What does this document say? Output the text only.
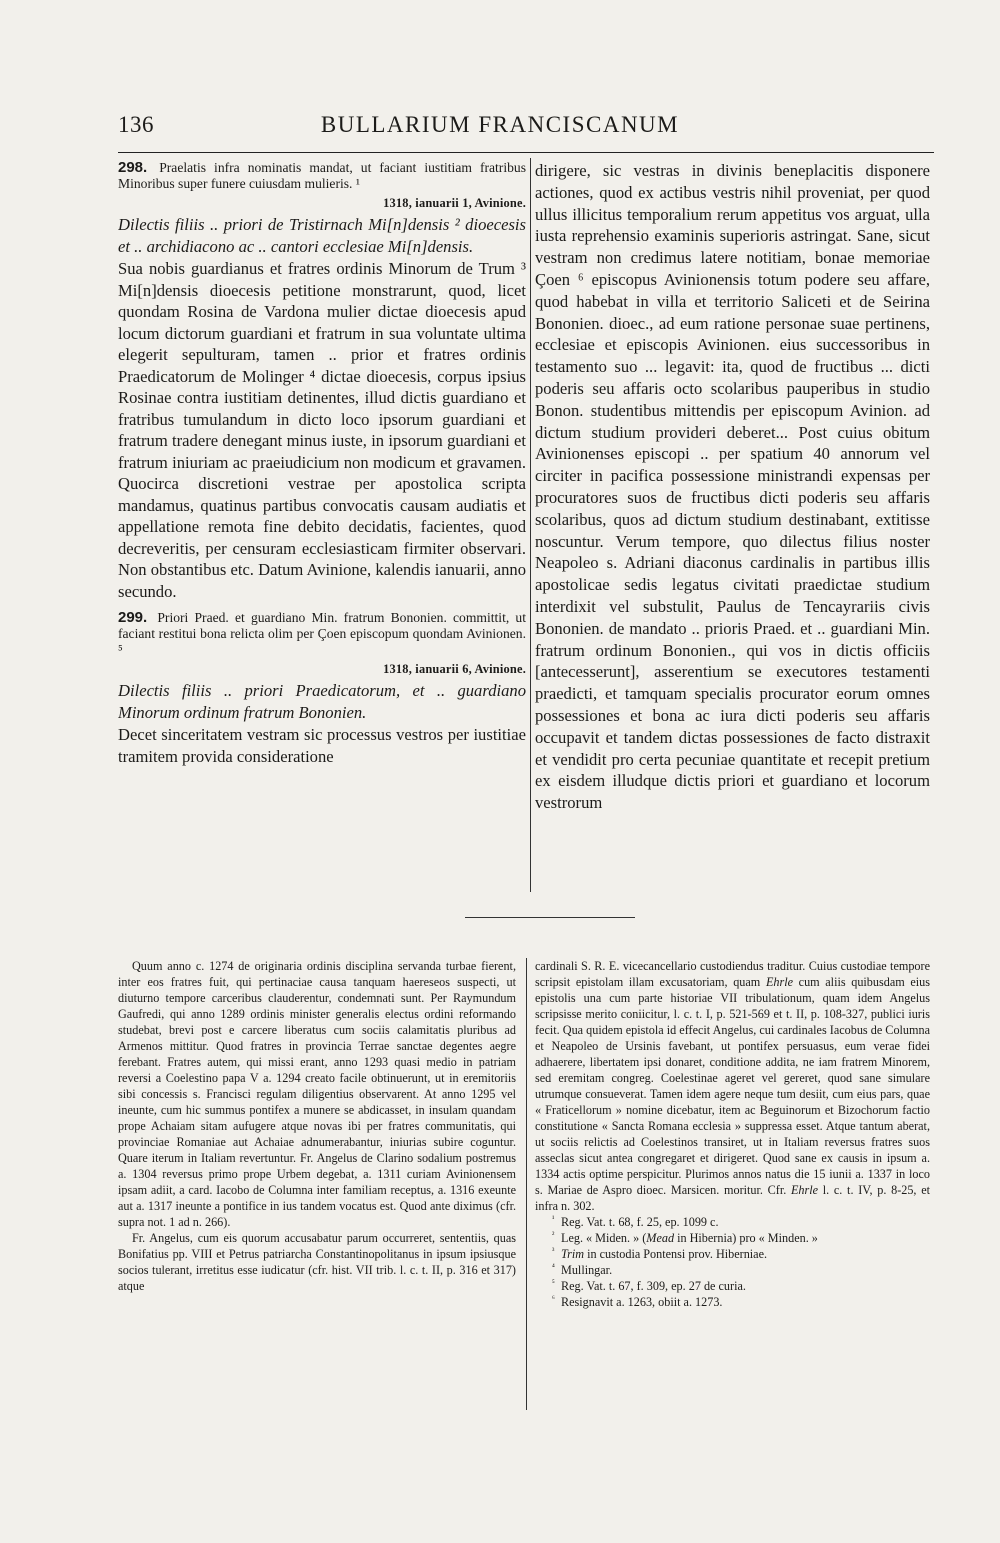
136	BULLARIUM FRANCISCANUM
298. Praelatis infra nominatis mandat, ut faciant iustitiam fratribus Minoribus super funere cuiusdam mulieris. ¹
1318, ianuarii 1, Avinione.

Dilectis filiis .. priori de Tristirnach Mi[n]densis ² dioecesis et .. archidiacono ac .. cantori ecclesiae Mi[n]densis.

Sua nobis guardianus et fratres ordinis Minorum de Trum ³ Mi[n]densis dioecesis petitione monstrarunt, quod, licet quondam Rosina de Vardona mulier dictae dioecesis apud locum dictorum guardiani et fratrum in sua voluntate ultima elegerit sepulturam, tamen .. prior et fratres ordinis Praedicatorum de Molinger ⁴ dictae dioecesis, corpus ipsius Rosinae contra iustitiam detinentes, illud dictis guardiano et fratribus tumulandum in dicto loco ipsorum guardiani et fratrum tradere denegant minus iuste, in ipsorum guardiani et fratrum iniuriam ac praeiudicium non modicum et gravamen. Quocirca discretioni vestrae per apostolica scripta mandamus, quatinus partibus convocatis causam audiatis et appellatione remota fine debito decidatis, facientes, quod decreveritis, per censuram ecclesiasticam firmiter observari. Non obstantibus etc. Datum Avinione, kalendis ianuarii, anno secundo.

299. Priori Praed. et guardiano Min. fratrum Bononien. committit, ut faciant restitui bona relicta olim per Çoen episcopum quondam Avinionen. ⁵
1318, ianuarii 6, Avinione.

Dilectis filiis .. priori Praedicatorum, et .. guardiano Minorum ordinum fratrum Bononien.

Decet sinceritatem vestram sic processus vestros per iustitiae tramitem provida consideratione

dirigere, sic vestras in divinis beneplacitis disponere actiones, quod ex actibus vestris nihil proveniat, per quod ullus illicitus temporalium rerum appetitus vos arguat, ulla iusta reprehensio examinis superioris astringat. Sane, sicut vestram non credimus latere notitiam, bonae memoriae Çoen ⁶ episcopus Avinionensis totum podere seu affare, quod habebat in villa et territorio Saliceti et de Seirina Bononien. dioec., ad eum ratione personae suae pertinens, ecclesiae et episcopis Avinionen. eius successoribus in testamento suo ... legavit: ita, quod de fructibus ... dicti poderis seu affaris octo scolaribus pauperibus in studio Bonon. studentibus mittendis per episcopum Avinion. ad dictum studium provideri deberet... Post cuius obitum Avinionenses episcopi .. per spatium 40 annorum vel circiter in pacifica possessione ministrandi expensas per procuratores suos de fructibus dicti poderis seu affaris scolaribus, quos ad dictum studium destinabant, extitisse noscuntur. Verum tempore, quo dilectus filius noster Neapoleo s. Adriani diaconus cardinalis in partibus illis apostolicae sedis legatus civitati praedictae studium interdixit vel substulit, Paulus de Tencayrariis civis Bononien. de mandato .. prioris Praed. et .. guardiani Min. fratrum ordinum Bononien., qui vos in dictis officiis [antecesserunt], asserentium se executores testamenti praedicti, et tamquam specialis procurator eorum omnes possessiones et bona ac iura dicti poderis seu affaris occupavit et tandem dictas possessiones de facto distraxit et vendidit pro certa pecuniae quantitate et recepit pretium ex eisdem illudque dictis priori et guardiano et locorum vestrorum

Quum anno c. 1274 de originaria ordinis disciplina servanda turbae fierent, inter eos fratres fuit, qui pertinaciae causa tanquam haereseos suspecti, ut diuturno tempore carceribus clauderentur, condemnati sunt. Per Raymundum Gaufredi, qui anno 1289 ordinis minister generalis electus ordini reformando studebat, brevi post e carcere liberatus cum sociis calamitatis pluribus ad Armenos mittitur. Quod fratres in provincia Terrae sanctae degentes aegre ferebant. Fratres autem, qui missi erant, anno 1293 quasi medio in patriam reversi a Coelestino papa V a. 1294 creato facile obtinuerunt, ut in eremitoriis sibi concessis s. Francisci regulam diligentius observarent. At anno 1295 vel ineunte, cum hic summus pontifex a munere se abdicasset, in insulam quandam prope Achaiam sitam aufugere atque novas ibi per fratres communitatis, qui provinciae Romaniae aut Achaiae adnumerabantur, iniurias subire coguntur. Quare iterum in Italiam revertuntur. Fr. Angelus de Clarino sodalium postremus a. 1304 reversus primo prope Urbem degebat, a. 1311 curiam Avinionensem ipsam adiit, a card. Iacobo de Columna inter familiam receptus, a. 1316 exeunte aut a. 1317 ineunte a pontifice in ius tandem vocatus est. Quod ante diximus (cfr. supra not. 1 ad n. 266).

Fr. Angelus, cum eis quorum accusabatur parum occurreret, sententiis, quas Bonifatius pp. VIII et Petrus patriarcha Constantinopolitanus in ipsum ipsiusque socios tulerant, irretitus esse iudicatur (cfr. hist. VII trib. l. c. t. II, p. 316 et 317) atque

cardinali S. R. E. vicecancellario custodiendus traditur. Cuius custodiae tempore scripsit epistolam illam excusatoriam, quam Ehrle cum aliis quibusdam eius epistolis una cum parte historiae VII tribulationum, quam idem Angelus scripsisse merito coniicitur, l. c. t. I, p. 521-569 et t. II, p. 108-327, publici iuris fecit. Qua quidem epistola id effecit Angelus, cui cardinales Iacobus de Columna et Neapoleo de Ursinis favebant, ut pontifex persuasus, eum verae fidei adhaerere, libertatem ipsi donaret, conditione addita, ne iam fratrem Minorem, sed eremitam congreg. Coelestinae ageret vel gereret, quod sane simulare utrumque consueverat. Tamen idem agere neque tum desiit, cum eius pars, quae « Fraticellorum » nomine dicebatur, item ac Beguinorum et Bizochorum factio constitutione « Sancta Romana ecclesia » suppressa esset. Atque tantum aberat, ut sociis relictis ad Coelestinos transiret, ut in Italiam reversus fratres suos asseclas sicut antea congregaret et dirigeret. Quod sane ex causis in ipsum a. 1334 actis optime perspicitur. Plurimos annos natus die 15 iunii a. 1337 in loco s. Mariae de Aspro dioec. Marsicen. moritur. Cfr. Ehrle l. c. t. IV, p. 8-25, et infra n. 302.

¹ Reg. Vat. t. 68, f. 25, ep. 1099 c.
² Leg. « Miden. » (Mead in Hibernia) pro « Minden. »
³ Trim in custodia Pontensi prov. Hiberniae.
⁴ Mullingar.
⁵ Reg. Vat. t. 67, f. 309, ep. 27 de curia.
⁶ Resignavit a. 1263, obiit a. 1273.
